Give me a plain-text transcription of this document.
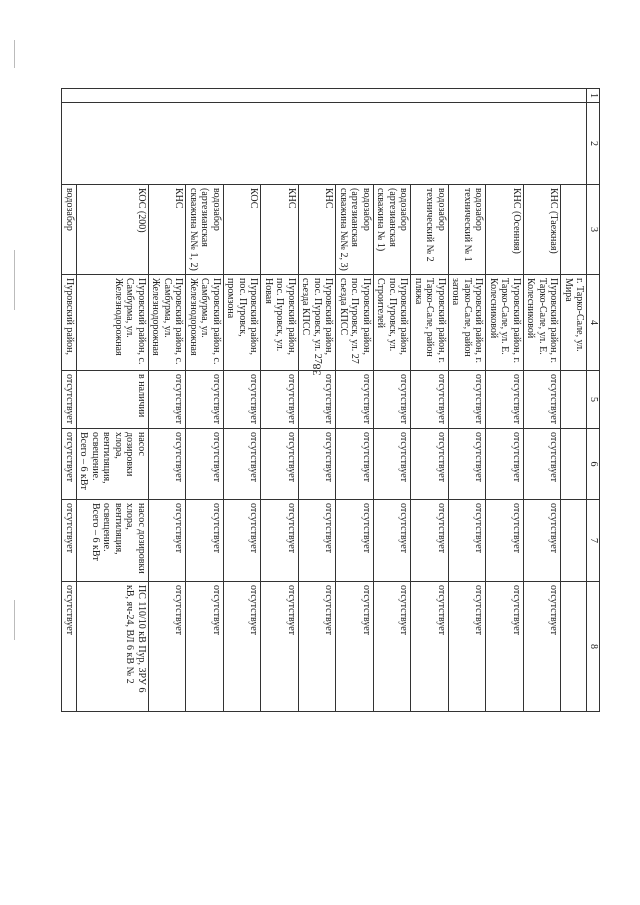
38
1	2	3	4	5	6	7	8
			г. Тарко-Сале, ул. Мира				
		КНС (Таежная)	Пуровский район, г. Тарко-Сале, ул. Е. Колесниковой	отсутствует	отсутствует	отсутствует	отсутствует
		КНС (Осенняя)	Пуровский район, г. Тарко-Сале, ул. Е. Колесниковой	отсутствует	отсутствует	отсутствует	отсутствует
		водозабор технический № 1	Пуровский район, г. Тарко-Сале, район затона	отсутствует	отсутствует	отсутствует	отсутствует
		водозабор технический № 2	Пуровский район, г. Тарко-Сале, район пляжа	отсутствует	отсутствует	отсутствует	отсутствует
		водозабор (артезианская скважина № 1)	Пуровский район, пос. Пуровск, ул. Строителей	отсутствует	отсутствует	отсутствует	отсутствует
		водозабор (артезианская скважина №№ 2, 3)	Пуровский район, пос. Пуровск, ул. 27 съезда КПСС	отсутствует	отсутствует	отсутствует	отсутствует
		КНС	Пуровский район, пос. Пуровск, ул. 27 съезда КПСС	отсутствует	отсутствует	отсутствует	отсутствует
		КНС	Пуровский район, пос. Пуровск, ул. Новая	отсутствует	отсутствует	отсутствует	отсутствует
		КОС	Пуровский район, пос. Пуровск, промзона	отсутствует	отсутствует	отсутствует	отсутствует
		водозабор (артезианская скважина №№ 1, 2)	Пуровский район, с. Самбурма, ул. Железнодорожная	отсутствует	отсутствует	отсутствует	отсутствует
		КНС	Пуровский район, с. Самбурма, ул. Железнодорожная	отсутствует	отсутствует	отсутствует	отсутствует
		КОС (200)	Пуровский район, с. Самбурма, ул. Железнодорожная	в наличии	насос дозировки хлора, вентиляция, освещение. Всего – 6 кВт	насос дозировки хлора, вентиляция, освещение. Всего – 6 кВт	ПС 110/10 кВ Пур, ЗРУ 6 кВ, яч-24, ВЛ 6 кВ № 2
		водозабор	Пуровский район,	отсутствует	отсутствует	отсутствует	отсутствует
